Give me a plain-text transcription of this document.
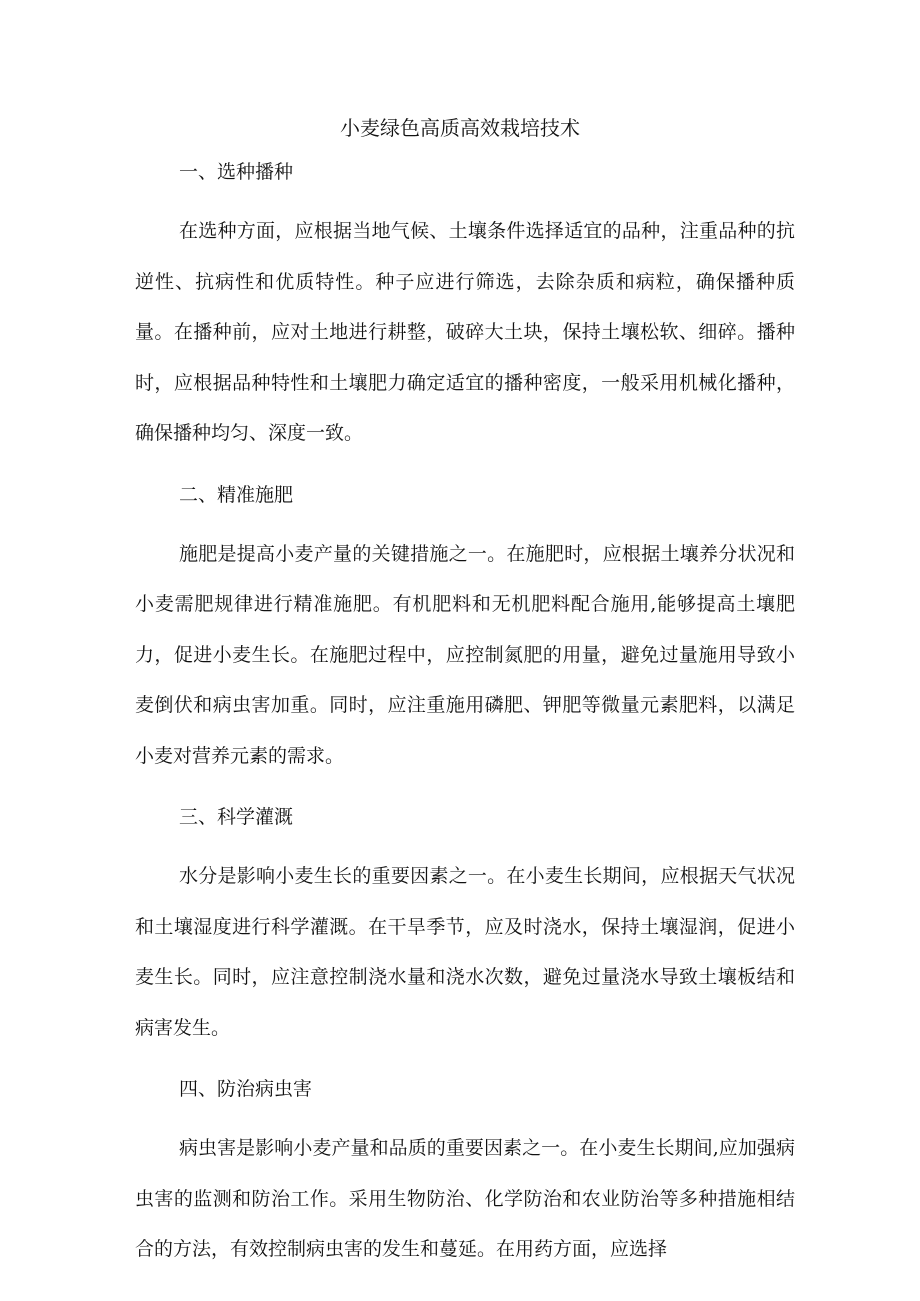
小麦绿色高质高效栽培技术
一、选种播种

在选种方面，应根据当地气候、土壤条件选择适宜的品种，注重品种的抗逆性、抗病性和优质特性。种子应进行筛选，去除杂质和病粒，确保播种质量。在播种前，应对土地进行耕整，破碎大土块，保持土壤松软、细碎。播种时，应根据品种特性和土壤肥力确定适宜的播种密度，一般采用机械化播种，确保播种均匀、深度一致。

二、精准施肥

施肥是提高小麦产量的关键措施之一。在施肥时，应根据土壤养分状况和小麦需肥规律进行精准施肥。有机肥料和无机肥料配合施用,能够提高土壤肥力，促进小麦生长。在施肥过程中，应控制氮肥的用量，避免过量施用导致小麦倒伏和病虫害加重。同时，应注重施用磷肥、钾肥等微量元素肥料，以满足小麦对营养元素的需求。

三、科学灌溉

水分是影响小麦生长的重要因素之一。在小麦生长期间，应根据天气状况和土壤湿度进行科学灌溉。在干旱季节，应及时浇水，保持土壤湿润，促进小麦生长。同时，应注意控制浇水量和浇水次数，避免过量浇水导致土壤板结和病害发生。

四、防治病虫害

病虫害是影响小麦产量和品质的重要因素之一。在小麦生长期间,应加强病虫害的监测和防治工作。采用生物防治、化学防治和农业防治等多种措施相结合的方法，有效控制病虫害的发生和蔓延。在用药方面，应选择
